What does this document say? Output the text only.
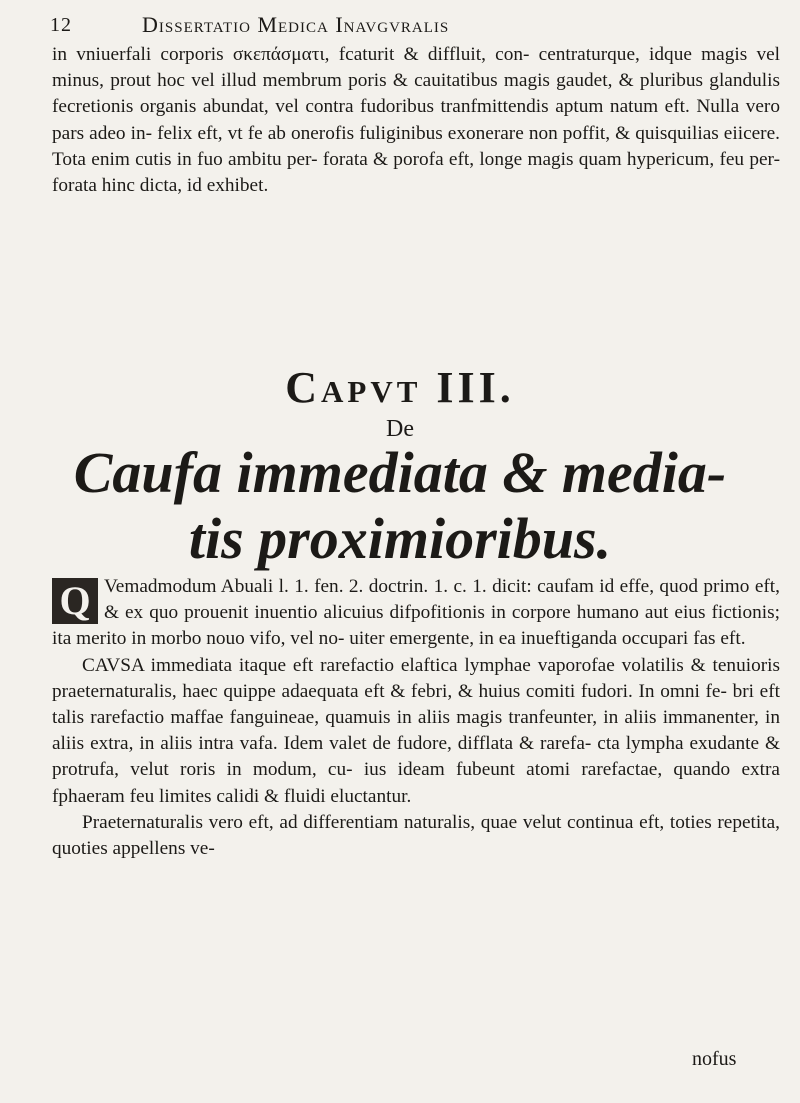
12	Dissertatio Medica Inavgvralis

in vniuerfali corporis σκεπάσματι, fcaturit & diffluit, con- centraturque, idque magis vel minus, prout hoc vel illud membrum poris & cauitatibus magis gaudet, & pluribus glandulis fecretionis organis abundat, vel contra fudoribus tranfmittendis aptum natum eft. Nulla vero pars adeo in- felix eft, vt fe ab onerofis fuliginibus exonerare non poffit, & quisquilias eiicere. Tota enim cutis in fuo ambitu per- forata & porofa eft, longe magis quam hypericum, feu per- forata hinc dicta, id exhibet.

Capvt III.
De
Caufa immediata & media-
tis proximioribus.

Q Vemadmodum Abuali l. 1. fen. 2. doctrin. 1. c. 1. dicit: caufam id effe, quod primo eft, & ex quo prouenit inuentio alicuius difpofitionis in corpore humano aut eius fictionis; ita merito in morbo nouo vifo, vel no- uiter emergente, in ea inueftiganda occupari fas eft.

CAVSA immediata itaque eft rarefactio elaftica lymphae vaporofae volatilis & tenuioris praeternaturalis, haec quippe adaequata eft & febri, & huius comiti fudori. In omni fe- bri eft talis rarefactio maffae fanguineae, quamuis in aliis magis tranfeunter, in aliis immanenter, in aliis extra, in aliis intra vafa. Idem valet de fudore, difflata & rarefa- cta lympha exudante & protrufa, velut roris in modum, cu- ius ideam fubeunt atomi rarefactae, quando extra fphaeram feu limites calidi & fluidi eluctantur.

Praeternaturalis vero eft, ad differentiam naturalis, quae velut continua eft, toties repetita, quoties appellens ve-

nofus
